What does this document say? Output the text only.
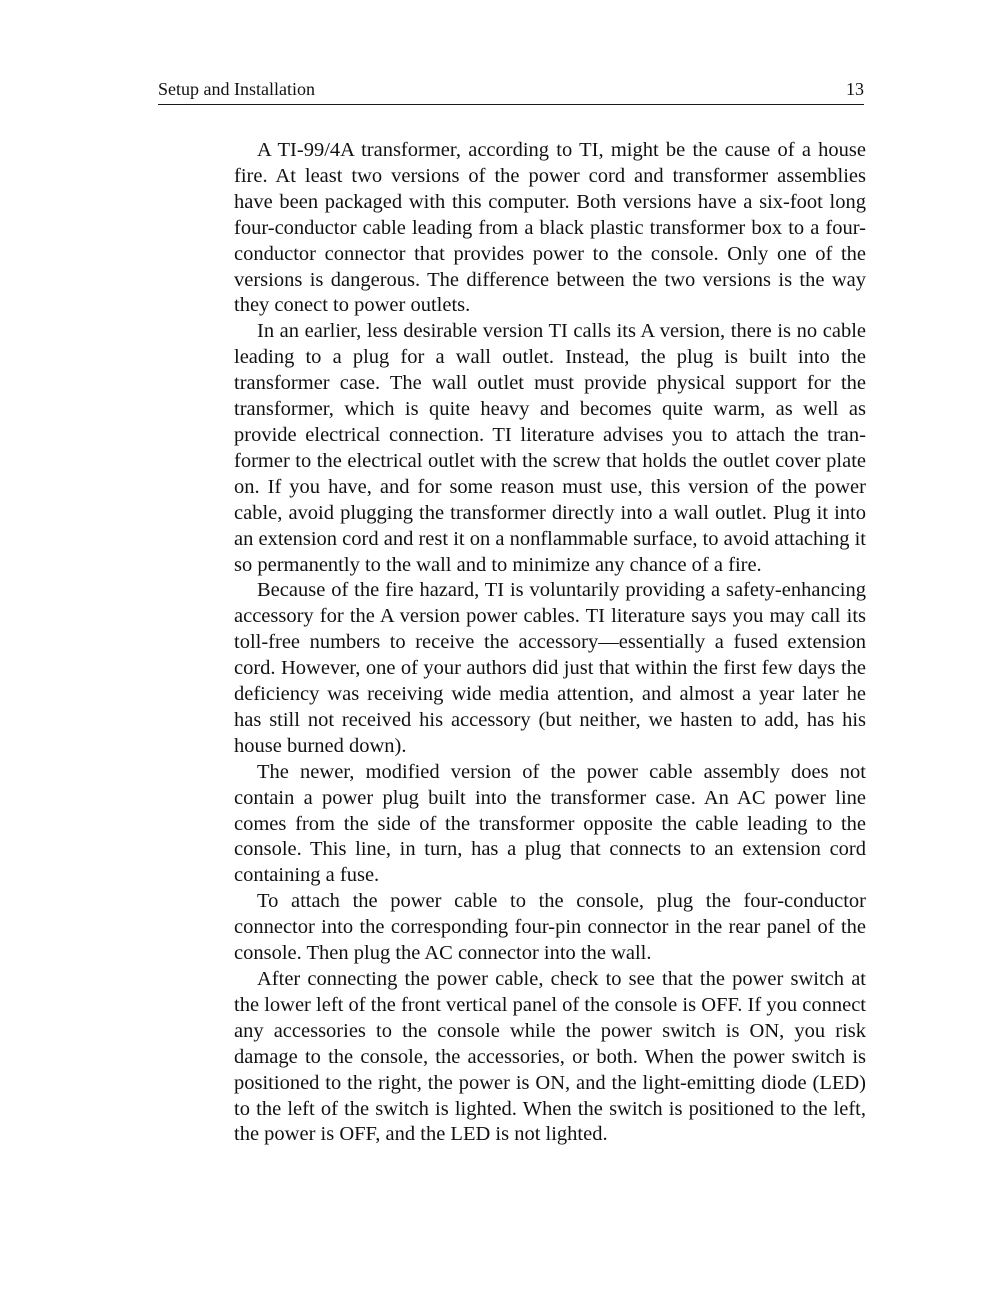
Setup and Installation	13

A TI-99/4A transformer, according to TI, might be the cause of a house fire. At least two versions of the power cord and transformer assemblies have been packaged with this computer. Both versions have a six-foot long four-conductor cable leading from a black plastic transformer box to a four-conductor connector that provides power to the console. Only one of the versions is dangerous. The difference between the two versions is the way they conect to power outlets.

In an earlier, less desirable version TI calls its A version, there is no cable leading to a plug for a wall outlet. Instead, the plug is built into the transformer case. The wall outlet must provide physical support for the transformer, which is quite heavy and becomes quite warm, as well as provide electrical connection. TI literature advises you to attach the tran-former to the electrical outlet with the screw that holds the outlet cover plate on. If you have, and for some reason must use, this version of the power cable, avoid plugging the transformer directly into a wall outlet. Plug it into an extension cord and rest it on a nonflammable surface, to avoid attaching it so permanently to the wall and to minimize any chance of a fire.

Because of the fire hazard, TI is voluntarily providing a safety-enhancing accessory for the A version power cables. TI literature says you may call its toll-free numbers to receive the accessory—essentially a fused extension cord. However, one of your authors did just that within the first few days the deficiency was receiving wide media attention, and almost a year later he has still not received his accessory (but neither, we hasten to add, has his house burned down).

The newer, modified version of the power cable assembly does not contain a power plug built into the transformer case. An AC power line comes from the side of the transformer opposite the cable leading to the console. This line, in turn, has a plug that connects to an extension cord containing a fuse.

To attach the power cable to the console, plug the four-conductor connector into the corresponding four-pin connector in the rear panel of the console. Then plug the AC connector into the wall.

After connecting the power cable, check to see that the power switch at the lower left of the front vertical panel of the console is OFF. If you connect any accessories to the console while the power switch is ON, you risk damage to the console, the accessories, or both. When the power switch is positioned to the right, the power is ON, and the light-emitting diode (LED) to the left of the switch is lighted. When the switch is positioned to the left, the power is OFF, and the LED is not lighted.
